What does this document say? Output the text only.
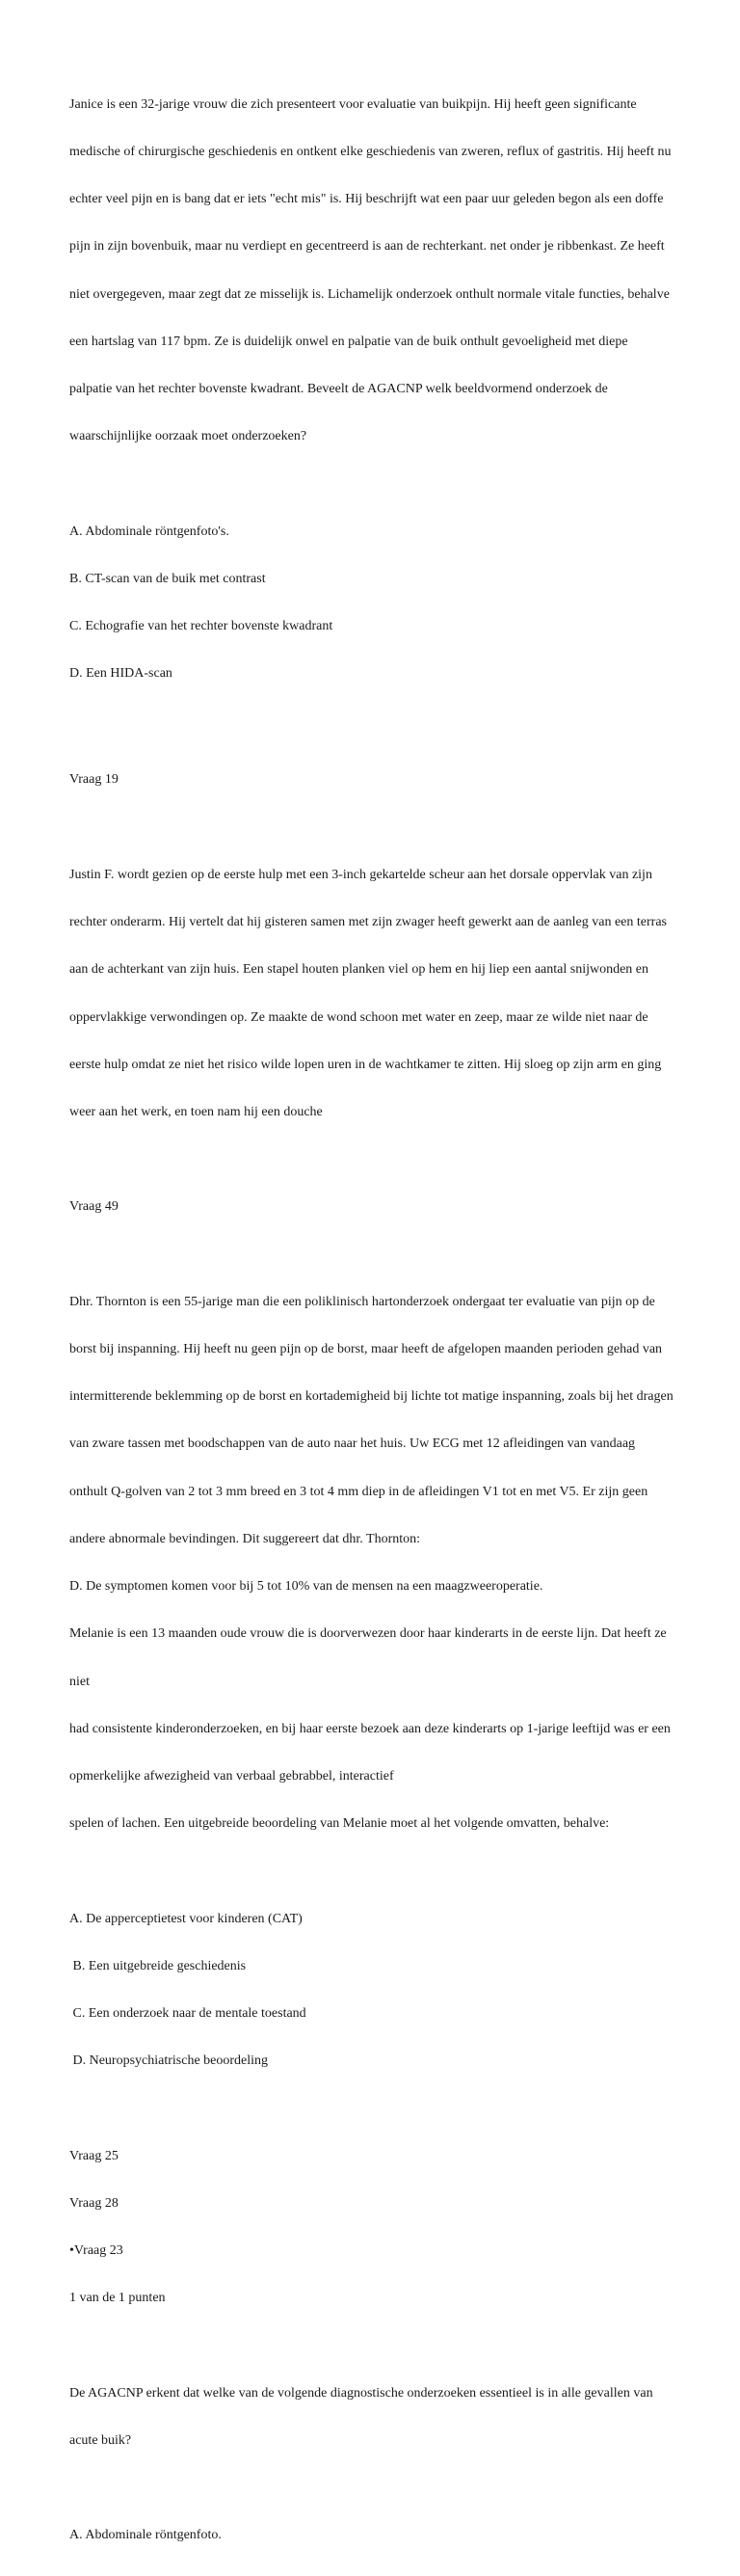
Janice is een 32-jarige vrouw die zich presenteert voor evaluatie van buikpijn. Hij heeft geen significante

medische of chirurgische geschiedenis en ontkent elke geschiedenis van zweren, reflux of gastritis. Hij heeft nu

echter veel pijn en is bang dat er iets "echt mis" is. Hij beschrijft wat een paar uur geleden begon als een doffe

pijn in zijn bovenbuik, maar nu verdiept en gecentreerd is aan de rechterkant. net onder je ribbenkast. Ze heeft

niet overgegeven, maar zegt dat ze misselijk is. Lichamelijk onderzoek onthult normale vitale functies, behalve

een hartslag van 117 bpm. Ze is duidelijk onwel en palpatie van de buik onthult gevoeligheid met diepe

palpatie van het rechter bovenste kwadrant. Beveelt de AGACNP welk beeldvormend onderzoek de

waarschijnlijke oorzaak moet onderzoeken?

A. Abdominale röntgenfoto's.

B. CT-scan van de buik met contrast

C. Echografie van het rechter bovenste kwadrant

D. Een HIDA-scan

Vraag 19

Justin F. wordt gezien op de eerste hulp met een 3-inch gekartelde scheur aan het dorsale oppervlak van zijn

rechter onderarm. Hij vertelt dat hij gisteren samen met zijn zwager heeft gewerkt aan de aanleg van een terras

aan de achterkant van zijn huis. Een stapel houten planken viel op hem en hij liep een aantal snijwonden en

oppervlakkige verwondingen op. Ze maakte de wond schoon met water en zeep, maar ze wilde niet naar de

eerste hulp omdat ze niet het risico wilde lopen uren in de wachtkamer te zitten. Hij sloeg op zijn arm en ging

weer aan het werk, en toen nam hij een douche

Vraag 49

Dhr. Thornton is een 55-jarige man die een poliklinisch hartonderzoek ondergaat ter evaluatie van pijn op de

borst bij inspanning. Hij heeft nu geen pijn op de borst, maar heeft de afgelopen maanden perioden gehad van

intermitterende beklemming op de borst en kortademigheid bij lichte tot matige inspanning, zoals bij het dragen

van zware tassen met boodschappen van de auto naar het huis. Uw ECG met 12 afleidingen van vandaag

onthult Q-golven van 2 tot 3 mm breed en 3 tot 4 mm diep in de afleidingen V1 tot en met V5. Er zijn geen

andere abnormale bevindingen. Dit suggereert dat dhr. Thornton:

D. De symptomen komen voor bij 5 tot 10% van de mensen na een maagzweeroperatie.

Melanie is een 13 maanden oude vrouw die is doorverwezen door haar kinderarts in de eerste lijn. Dat heeft ze

niet

had consistente kinderonderzoeken, en bij haar eerste bezoek aan deze kinderarts op 1-jarige leeftijd was er een

opmerkelijke afwezigheid van verbaal gebrabbel, interactief

spelen of lachen. Een uitgebreide beoordeling van Melanie moet al het volgende omvatten, behalve:

A. De apperceptietest voor kinderen (CAT)

B. Een uitgebreide geschiedenis

C. Een onderzoek naar de mentale toestand

D. Neuropsychiatrische beoordeling

Vraag 25

Vraag 28

•Vraag 23

1 van de 1 punten

De AGACNP erkent dat welke van de volgende diagnostische onderzoeken essentieel is in alle gevallen van

acute buik?

A. Abdominale röntgenfoto.
